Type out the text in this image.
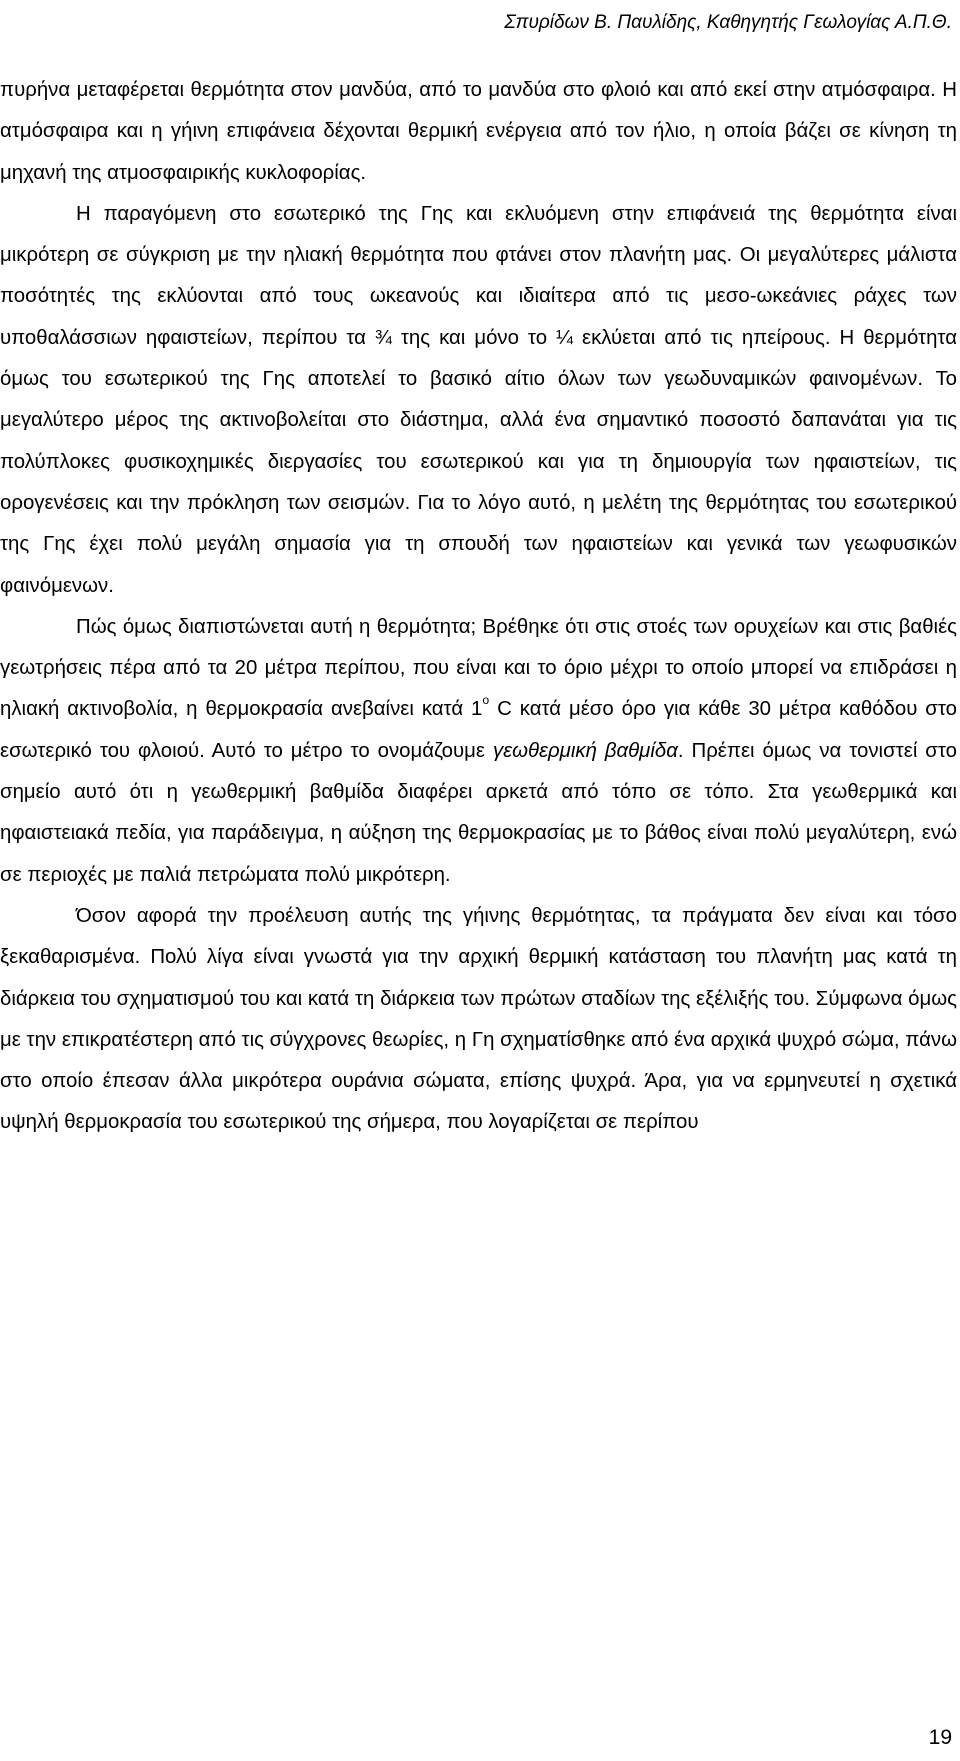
Σπυρίδων Β. Παυλίδης, Καθηγητής Γεωλογίας Α.Π.Θ.

πυρήνα μεταφέρεται θερμότητα στον μανδύα, από το μανδύα στο φλοιό και από εκεί στην ατμόσφαιρα. Η ατμόσφαιρα και η γήινη επιφάνεια δέχονται θερμική ενέργεια από τον ήλιο, η οποία βάζει σε κίνηση τη μηχανή της ατμοσφαιρικής κυκλοφορίας.

Η παραγόμενη στο εσωτερικό της Γης και εκλυόμενη στην επιφάνειά της θερμότητα είναι μικρότερη σε σύγκριση με την ηλιακή θερμότητα που φτάνει στον πλανήτη μας. Οι μεγαλύτερες μάλιστα ποσότητές της εκλύονται από τους ωκεανούς και ιδιαίτερα από τις μεσο-ωκεάνιες ράχες των υποθαλάσσιων ηφαιστείων, περίπου τα ¾ της και μόνο το ¼ εκλύεται από τις ηπείρους. Η θερμότητα όμως του εσωτερικού της Γης αποτελεί το βασικό αίτιο όλων των γεωδυναμικών φαινομένων. Το μεγαλύτερο μέρος της ακτινοβολείται στο διάστημα, αλλά ένα σημαντικό ποσοστό δαπανάται για τις πολύπλοκες φυσικοχημικές διεργασίες του εσωτερικού και για τη δημιουργία των ηφαιστείων, τις ορογενέσεις και την πρόκληση των σεισμών. Για το λόγο αυτό, η μελέτη της θερμότητας του εσωτερικού της Γης έχει πολύ μεγάλη σημασία για τη σπουδή των ηφαιστείων και γενικά των γεωφυσικών φαινόμενων.

Πώς όμως διαπιστώνεται αυτή η θερμότητα; Βρέθηκε ότι στις στοές των ορυχείων και στις βαθιές γεωτρήσεις πέρα από τα 20 μέτρα περίπου, που είναι και το όριο μέχρι το οποίο μπορεί να επιδράσει η ηλιακή ακτινοβολία, η θερμοκρασία ανεβαίνει κατά $1^o$ C κατά μέσο όρο για κάθε 30 μέτρα καθόδου στο εσωτερικό του φλοιού. Αυτό το μέτρο το ονομάζουμε γεωθερμική βαθμίδα. Πρέπει όμως να τονιστεί στο σημείο αυτό ότι η γεωθερμική βαθμίδα διαφέρει αρκετά από τόπο σε τόπο. Στα γεωθερμικά και ηφαιστειακά πεδία, για παράδειγμα, η αύξηση της θερμοκρασίας με το βάθος είναι πολύ μεγαλύτερη, ενώ σε περιοχές με παλιά πετρώματα πολύ μικρότερη.

Όσον αφορά την προέλευση αυτής της γήινης θερμότητας, τα πράγματα δεν είναι και τόσο ξεκαθαρισμένα. Πολύ λίγα είναι γνωστά για την αρχική θερμική κατάσταση του πλανήτη μας κατά τη διάρκεια του σχηματισμού του και κατά τη διάρκεια των πρώτων σταδίων της εξέλιξής του. Σύμφωνα όμως με την επικρατέστερη από τις σύγχρονες θεωρίες, η Γη σχηματίσθηκε από ένα αρχικά ψυχρό σώμα, πάνω στο οποίο έπεσαν άλλα μικρότερα ουράνια σώματα, επίσης ψυχρά. Άρα, για να ερμηνευτεί η σχετικά υψηλή θερμοκρασία του εσωτερικού της σήμερα, που λογαρίζεται σε περίπου

19
